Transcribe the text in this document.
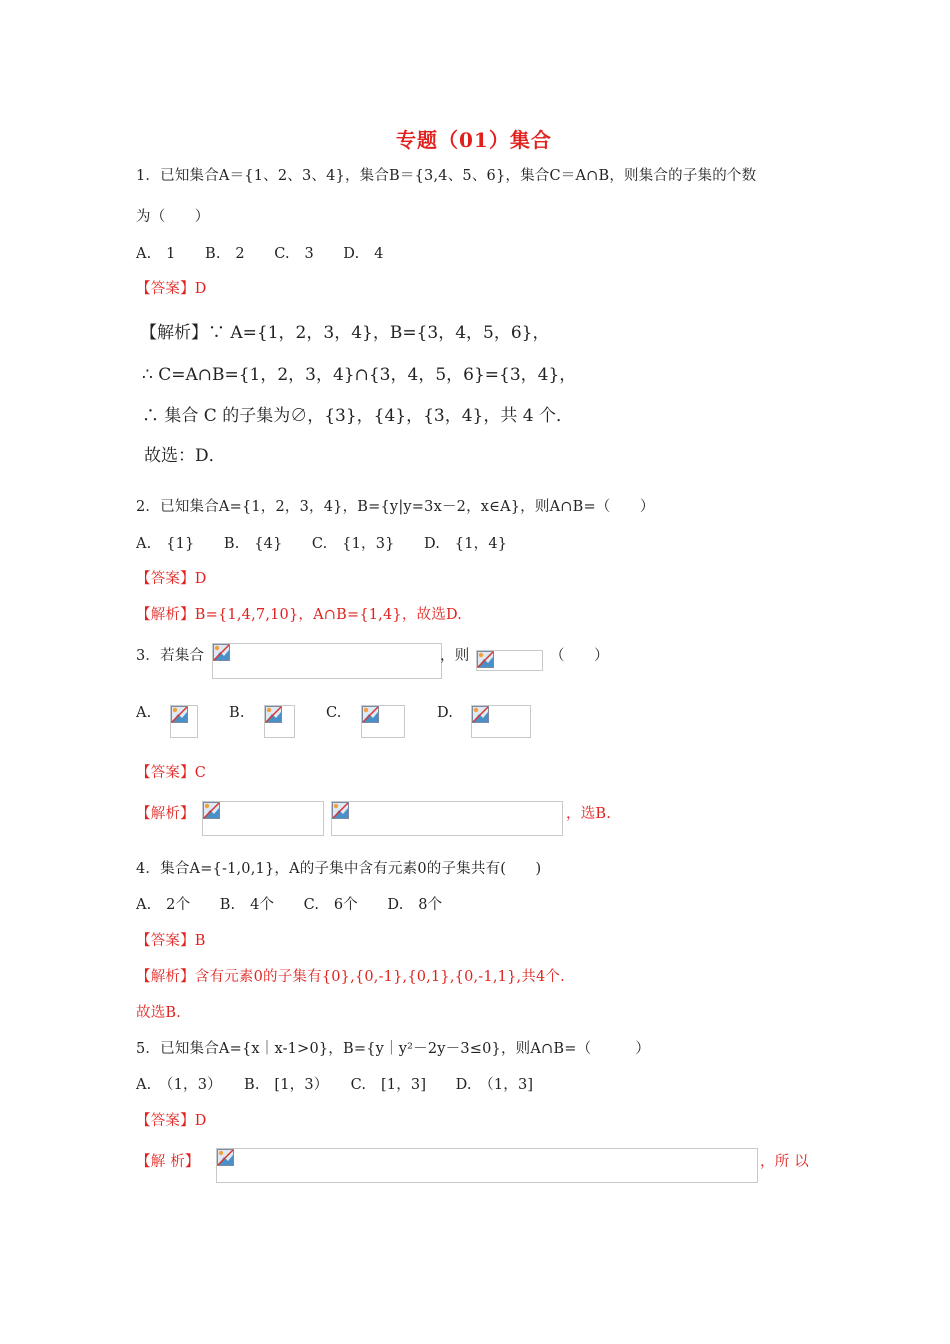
专题（01）集合
1．已知集合A＝{1、2、3、4}，集合B＝{3,4、5、6}，集合C＝A∩B，则集合的子集的个数
为（　　）
A.　1　　B.　2　　C.　3　　D.　4
【答案】D
【解析】∵ A={1，2，3，4}，B={3，4，5，6}，
∴ C=A∩B={1，2，3，4}∩{3，4，5，6}={3，4}，
∴ 集合 C 的子集为∅，{3}，{4}，{3，4}，共 4 个．
故选：D．
2．已知集合A={1，2，3，4}，B={y|y=3x－2，x∈A}，则A∩B=（　　）
A.　{1}　　B.　{4}　　C.　{1，3}　　D.　{1，4}
【答案】D
【解析】B={1,4,7,10}，A∩B={1,4}，故选D.
3．若集合	，则	（　　）
A.	B.	C.	D.
【答案】C
【解析】	，选B.
4．集合A={-1,0,1}，A的子集中含有元素0的子集共有(　　)
A.　2个　　B.　4个　　C.　6个　　D.　8个
【答案】B
【解析】含有元素0的子集有{0},{0,-1},{0,1},{0,-1,1},共4个.
故选B.
5．已知集合A={x｜x-1>0}，B={y｜y²－2y－3≤0}，则A∩B=（　　　）
A.　（1，3）　　B.　[1，3）　　C.　[1，3]　　D.　（1，3]
【答案】D
【解 析】	，所 以
